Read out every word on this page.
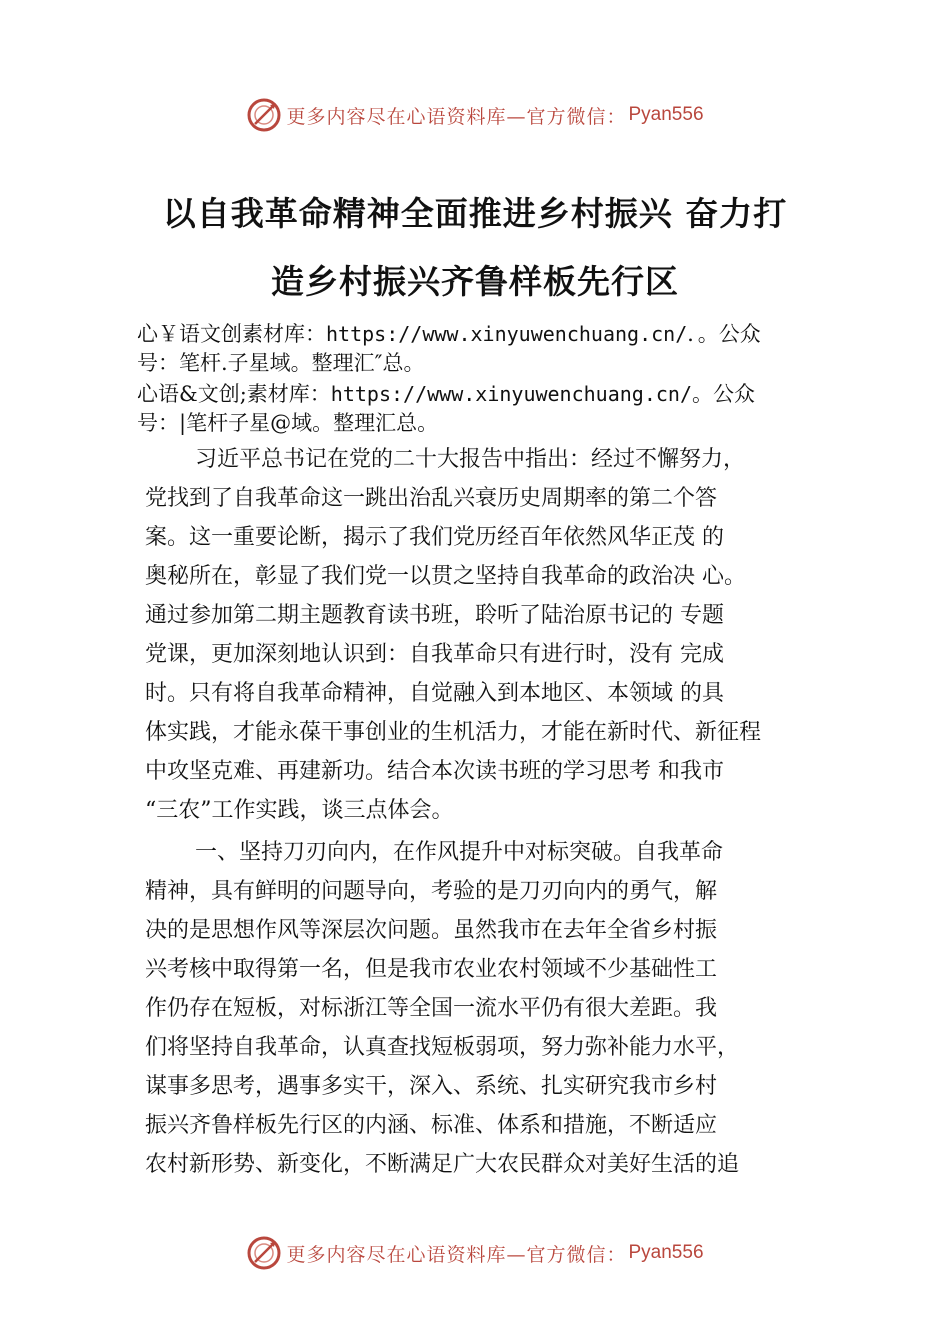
更多内容尽在心语资料库—官方微信： Pyan556
以自我革命精神全面推进乡村振兴 奋力打
造乡村振兴齐鲁样板先行区

心￥语文创素材库：https://www.xinyuwenchuang.cn/．。公众
号：笔杆.子星域。整理汇″总。

心语&文创;素材库：https://www.xinyuwenchuang.cn/。公众
号：|笔杆子星@域。整理汇总。

习近平总书记在党的二十大报告中指出：经过不懈努力，
党找到了自我革命这一跳出治乱兴衰历史周期率的第二个答
案。这一重要论断，揭示了我们党历经百年依然风华正茂 的
奥秘所在，彰显了我们党一以贯之坚持自我革命的政治决 心。
通过参加第二期主题教育读书班，聆听了陆治原书记的 专题
党课，更加深刻地认识到：自我革命只有进行时，没有 完成
时。只有将自我革命精神，自觉融入到本地区、本领域 的具
体实践，才能永葆干事创业的生机活力，才能在新时代、新征程
中攻坚克难、再建新功。结合本次读书班的学习思考 和我市
“三农”工作实践，谈三点体会。
一、坚持刀刃向内，在作风提升中对标突破。自我革命
精神，具有鲜明的问题导向，考验的是刀刃向内的勇气，解
决的是思想作风等深层次问题。虽然我市在去年全省乡村振
兴考核中取得第一名，但是我市农业农村领域不少基础性工
作仍存在短板，对标浙江等全国一流水平仍有很大差距。我
们将坚持自我革命，认真查找短板弱项，努力弥补能力水平，
谋事多思考，遇事多实干，深入、系统、扎实研究我市乡村
振兴齐鲁样板先行区的内涵、标准、体系和措施，不断适应
农村新形势、新变化，不断满足广大农民群众对美好生活的追
更多内容尽在心语资料库—官方微信： Pyan556
